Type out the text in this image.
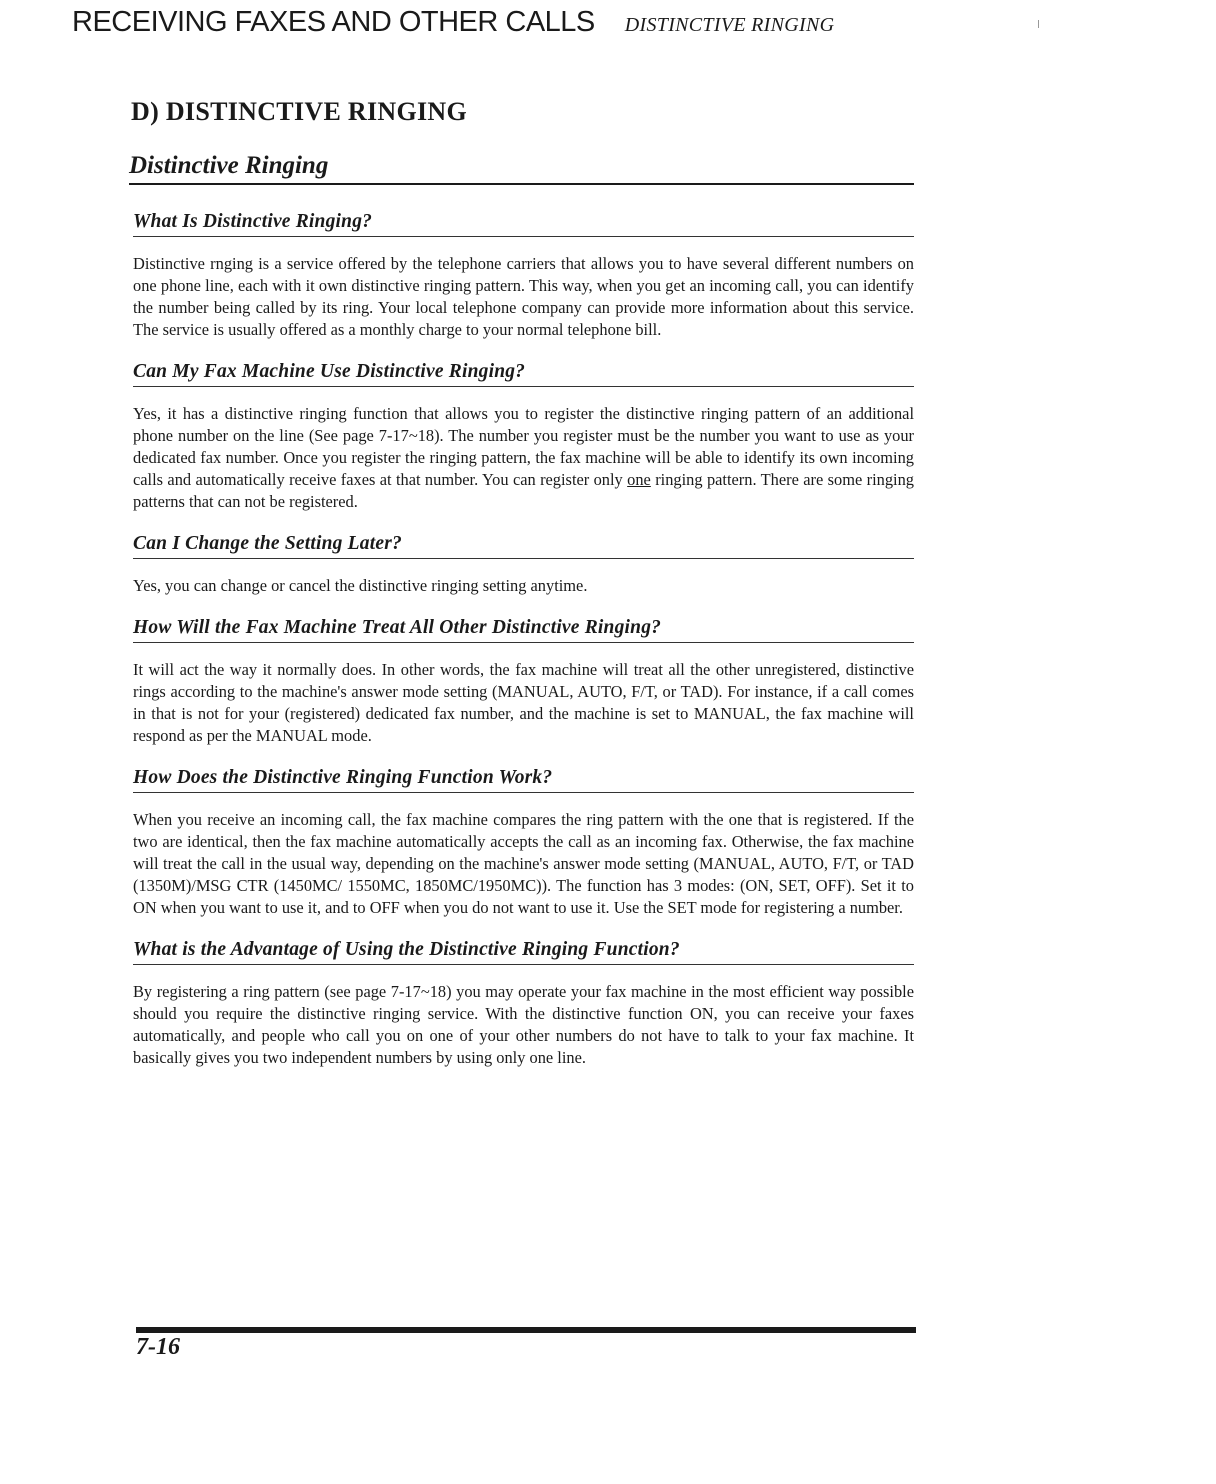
RECEIVING FAXES AND OTHER CALLS DISTINCTIVE RINGING
D) DISTINCTIVE RINGING
Distinctive Ringing
What Is Distinctive Ringing?

Distinctive rnging is a service offered by the telephone carriers that allows you to have several different numbers on one phone line, each with it own distinctive ringing pattern. This way, when you get an incoming call, you can identify the number being called by its ring. Your local telephone company can provide more information about this service. The service is usually offered as a monthly charge to your normal telephone bill.

Can My Fax Machine Use Distinctive Ringing?

Yes, it has a distinctive ringing function that allows you to register the distinctive ringing pattern of an additional phone number on the line (See page 7-17~18). The number you register must be the number you want to use as your dedicated fax number. Once you register the ringing pattern, the fax machine will be able to identify its own incoming calls and automatically receive faxes at that number. You can register only one ringing pattern. There are some ringing patterns that can not be registered.

Can I Change the Setting Later?

Yes, you can change or cancel the distinctive ringing setting anytime.

How Will the Fax Machine Treat All Other Distinctive Ringing?

It will act the way it normally does. In other words, the fax machine will treat all the other unregistered, distinctive rings according to the machine's answer mode setting (MANUAL, AUTO, F/T, or TAD). For instance, if a call comes in that is not for your (registered) dedicated fax number, and the machine is set to MANUAL, the fax machine will respond as per the MANUAL mode.

How Does the Distinctive Ringing Function Work?

When you receive an incoming call, the fax machine compares the ring pattern with the one that is registered. If the two are identical, then the fax machine automatically accepts the call as an incoming fax. Otherwise, the fax machine will treat the call in the usual way, depending on the machine's answer mode setting (MANUAL, AUTO, F/T, or TAD (1350M)/MSG CTR (1450MC/ 1550MC, 1850MC/1950MC)). The function has 3 modes: (ON, SET, OFF). Set it to ON when you want to use it, and to OFF when you do not want to use it. Use the SET mode for registering a number.

What is the Advantage of Using the Distinctive Ringing Function?

By registering a ring pattern (see page 7-17~18) you may operate your fax machine in the most efficient way possible should you require the distinctive ringing service. With the distinctive function ON, you can receive your faxes automatically, and people who call you on one of your other numbers do not have to talk to your fax machine. It basically gives you two independent numbers by using only one line.

7-16
